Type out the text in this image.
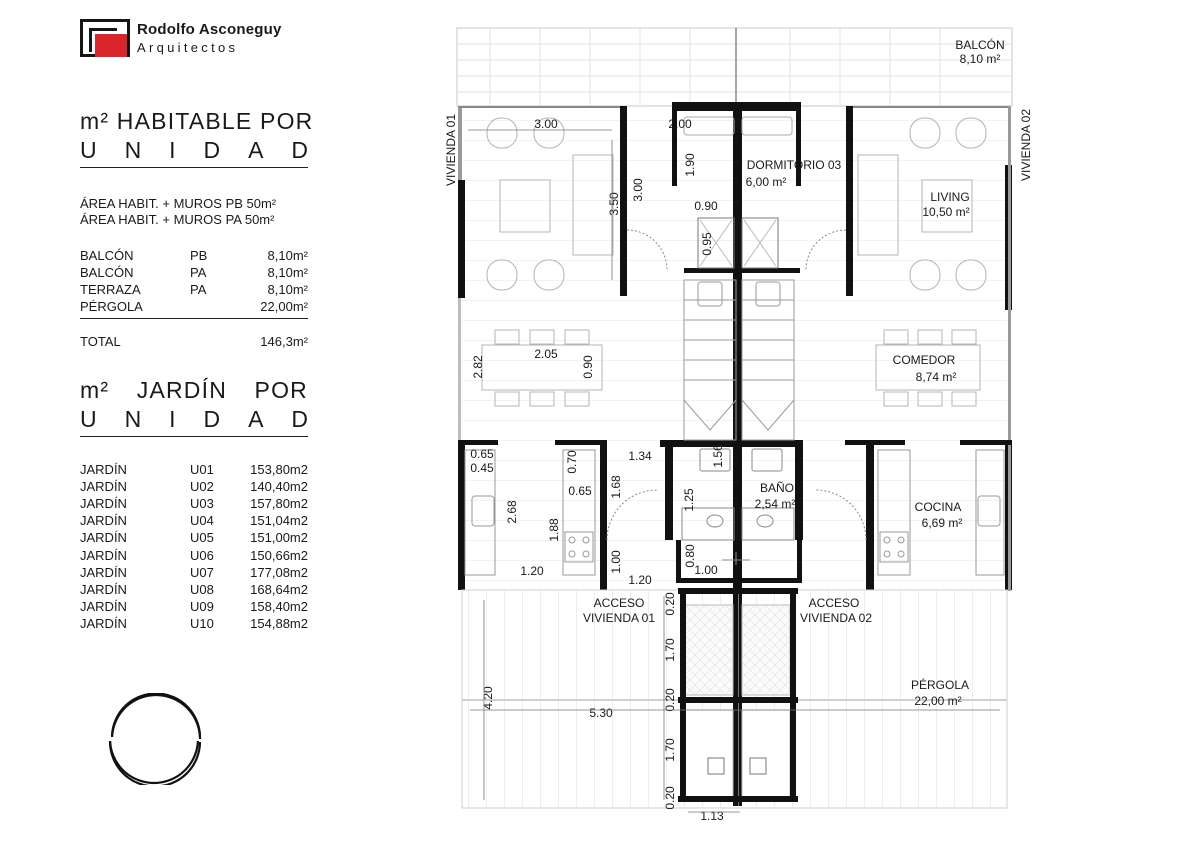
Rodolfo Asconeguy
Arquitectos
m² HABITABLE POR
U N I D A D
ÁREA HABIT. + MUROS PB 50m²
ÁREA HABIT. + MUROS PA 50m²
BALCÓN	PB	8,10m²
BALCÓN	PA	8,10m²
TERRAZA	PA	8,10m²
PÉRGOLA	22,00m²
TOTAL	146,3m²
m² JARDÍN POR
U N I D A D
JARDÍN	U01	153,80m2
JARDÍN	U02	140,40m2
JARDÍN	U03	157,80m2
JARDÍN	U04	151,04m2
JARDÍN	U05	151,00m2
JARDÍN	U06	150,66m2
JARDÍN	U07	177,08m2
JARDÍN	U08	168,64m2
JARDÍN	U09	158,40m2
JARDÍN	U10	154,88m2
BALCÓN
8,10 m²
DORMITORIO 03
6,00 m²
LIVING
10,50 m²
COMEDOR
8,74 m²
BAÑO
2,54 m²	COCINA
6,69 m²
PÉRGOLA
22,00 m²
ACCESO
VIVIENDA 01
ACCESO
VIVIENDA 02
VIVIENDA 01	VIVIENDA 02
3.00	2.00
3.50
3.00
1.90
0.90
0.95
2.82
2.05
0.90
0.65
0.45	0.70	1.34
0.65 1.68
2.68
1.88
1.20	1.00
1.20
1.25
0.80
1.00
1.56
0.20
1.70
0.20
1.70
0.20
4.20
5.30
1.13
